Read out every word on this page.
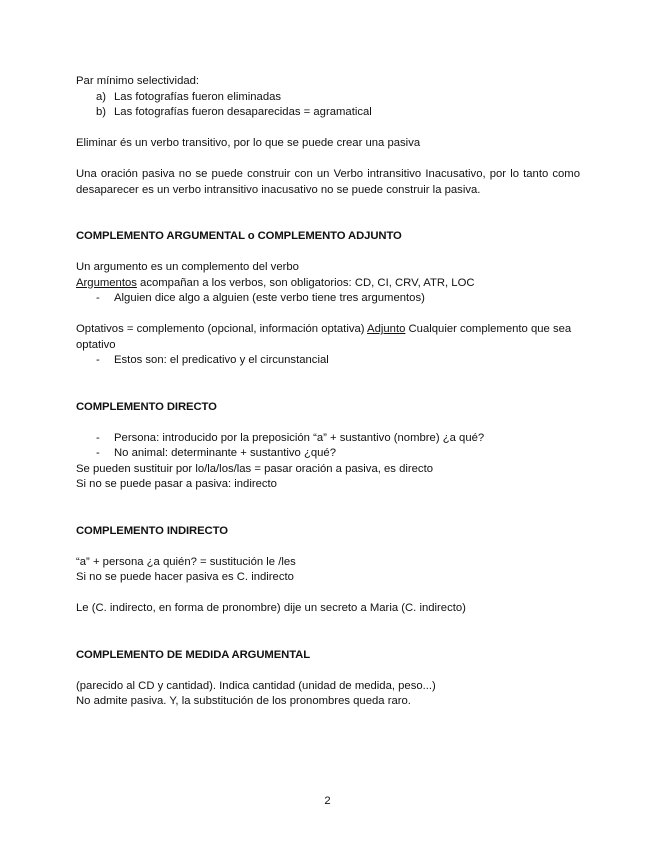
Par mínimo selectividad:

a) Las fotografías fueron eliminadas
b) Las fotografías fueron desaparecidas = agramatical

Eliminar és un verbo transitivo, por lo que se puede crear una pasiva

Una oración pasiva no se puede construir con un Verbo intransitivo Inacusativo, por lo tanto como desaparecer es un verbo intransitivo inacusativo no se puede construir la pasiva.

COMPLEMENTO ARGUMENTAL o COMPLEMENTO ADJUNTO

Un argumento es un complemento del verbo

Argumentos acompañan a los verbos, son obligatorios: CD, CI, CRV, ATR, LOC

- Alguien dice algo a alguien (este verbo tiene tres argumentos)

Optativos = complemento (opcional, información optativa) Adjunto Cualquier complemento que sea optativo

- Estos son: el predicativo y el circunstancial

COMPLEMENTO DIRECTO

- Persona: introducido por la preposición “a” + sustantivo (nombre) ¿a qué?
- No animal: determinante + sustantivo ¿qué?

Se pueden sustituir por lo/la/los/las = pasar oración a pasiva, es directo

Si no se puede pasar a pasiva: indirecto

COMPLEMENTO INDIRECTO

“a” + persona ¿a quién? = sustitución le /les

Si no se puede hacer pasiva es C. indirecto

Le (C. indirecto, en forma de pronombre) dije un secreto a Maria (C. indirecto)

COMPLEMENTO DE MEDIDA ARGUMENTAL

(parecido al CD y cantidad). Indica cantidad (unidad de medida, peso...)

No admite pasiva. Y, la substitución de los pronombres queda raro.

2
